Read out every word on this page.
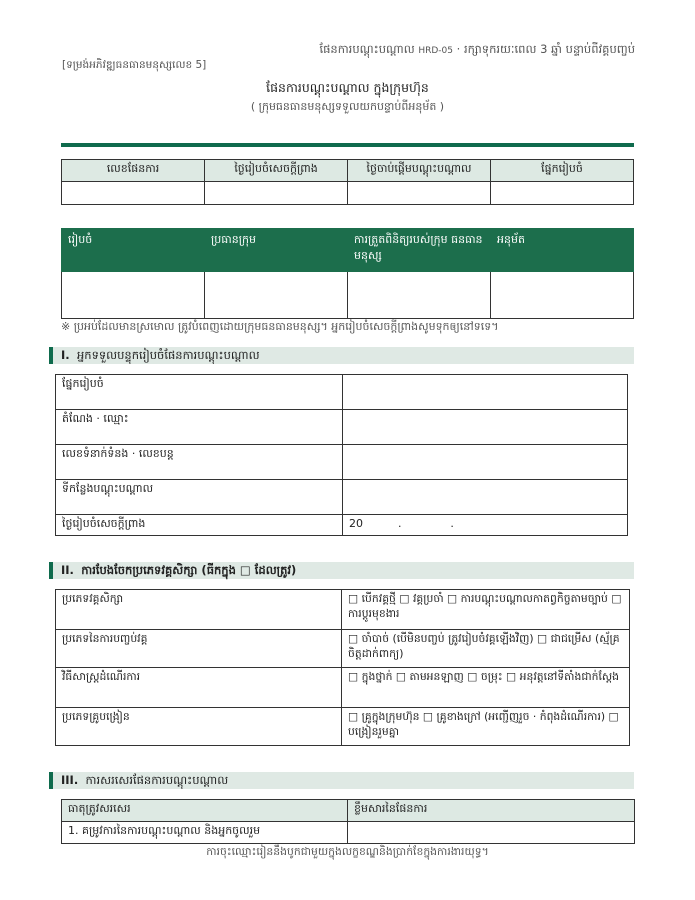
ផែនការបណ្តុះបណ្តាល HRD-05 · រក្សាទុករយៈពេល 3 ឆ្នាំ បន្ទាប់ពីវគ្គបញ្ចប់
[ទម្រង់អភិវឌ្ឍធនធានមនុស្សលេខ 5]
ផែនការបណ្តុះបណ្តាល ក្នុងក្រុមហ៊ុន
( ក្រុមធនធានមនុស្សទទួលយកបន្ទាប់ពីអនុម័ត )
លេខផែនការ	ថ្ងៃរៀបចំសេចក្តីព្រាង	ថ្ងៃចាប់ផ្តើមបណ្តុះបណ្តាល	ផ្នែករៀបចំ

រៀបចំ	ប្រធានក្រុម	ការត្រួតពិនិត្យរបស់ក្រុម ធនធានមនុស្ស	អនុម័ត

※ ប្រអប់ដែលមានស្រមោល ត្រូវបំពេញដោយក្រុមធនធានមនុស្ស។ អ្នករៀបចំសេចក្តីព្រាងសូមទុកឲ្យនៅទទេ។
I. អ្នកទទួលបន្ទុករៀបចំផែនការបណ្តុះបណ្តាល
ផ្នែករៀបចំ	
តំណែង · ឈ្មោះ	
លេខទំនាក់ទំនង · លេខបន្ត	
ទីកន្លែងបណ្តុះបណ្តាល	
ថ្ងៃរៀបចំសេចក្តីព្រាង	20          .              .
II. ការបែងចែកប្រភេទវគ្គសិក្សា (ធីកក្នុង □ ដែលត្រូវ)
ប្រភេទវគ្គសិក្សា	□ បើកវគ្គថ្មី □ វគ្គប្រចាំ □ ការបណ្តុះបណ្តាលកាតព្វកិច្ចតាមច្បាប់ □ ការប្តូរមុខងារ
ប្រភេទនៃការបញ្ចប់វគ្គ	□ ចាំបាច់ (បើមិនបញ្ចប់ ត្រូវរៀបចំវគ្គឡើងវិញ) □ ជាជម្រើស (ស្ម័គ្រចិត្តដាក់ពាក្យ)
វិធីសាស្រ្តដំណើរការ	□ ក្នុងថ្នាក់ □ តាមអនឡាញ □ ចម្រុះ □ អនុវត្តនៅទីតាំងជាក់ស្តែង
ប្រភេទគ្រូបង្រៀន	□ គ្រូក្នុងក្រុមហ៊ុន □ គ្រូខាងក្រៅ (អញ្ជើញរួច · កំពុងដំណើរការ) □ បង្រៀនរួមគ្នា
III. ការសរសេរផែនការបណ្តុះបណ្តាល
ធាតុត្រូវសរសេរ	ខ្លឹមសារនៃផែនការ
1. គម្រូវការនៃការបណ្តុះបណ្តាល និងអ្នកចូលរួម	
ការចុះឈ្មោះរៀននឹងបូកជាមួយក្នុងលក្ខខណ្ឌនិងប្រាក់ខែក្នុងការងារយុទ្ធ។
